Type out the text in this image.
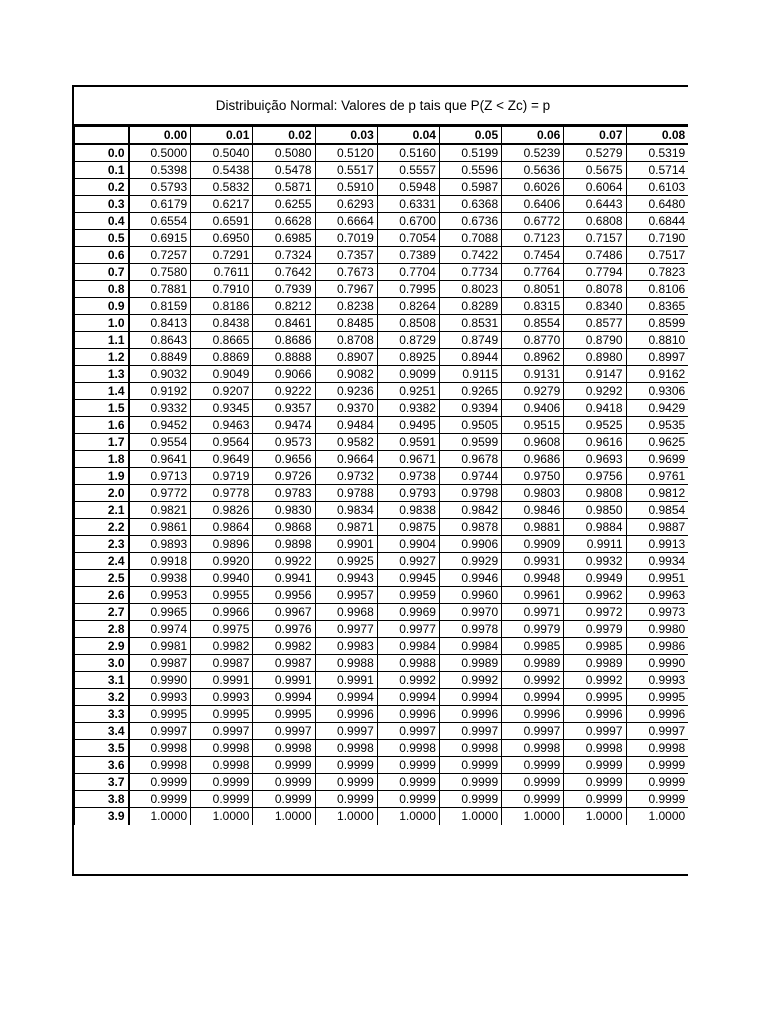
Distribuição Normal: Valores de p tais que P(Z < Zc) = p
	0.00	0.01	0.02	0.03	0.04	0.05	0.06	0.07	0.08
0.0	0.5000	0.5040	0.5080	0.5120	0.5160	0.5199	0.5239	0.5279	0.5319
0.1	0.5398	0.5438	0.5478	0.5517	0.5557	0.5596	0.5636	0.5675	0.5714
0.2	0.5793	0.5832	0.5871	0.5910	0.5948	0.5987	0.6026	0.6064	0.6103
0.3	0.6179	0.6217	0.6255	0.6293	0.6331	0.6368	0.6406	0.6443	0.6480
0.4	0.6554	0.6591	0.6628	0.6664	0.6700	0.6736	0.6772	0.6808	0.6844
0.5	0.6915	0.6950	0.6985	0.7019	0.7054	0.7088	0.7123	0.7157	0.7190
0.6	0.7257	0.7291	0.7324	0.7357	0.7389	0.7422	0.7454	0.7486	0.7517
0.7	0.7580	0.7611	0.7642	0.7673	0.7704	0.7734	0.7764	0.7794	0.7823
0.8	0.7881	0.7910	0.7939	0.7967	0.7995	0.8023	0.8051	0.8078	0.8106
0.9	0.8159	0.8186	0.8212	0.8238	0.8264	0.8289	0.8315	0.8340	0.8365
1.0	0.8413	0.8438	0.8461	0.8485	0.8508	0.8531	0.8554	0.8577	0.8599
1.1	0.8643	0.8665	0.8686	0.8708	0.8729	0.8749	0.8770	0.8790	0.8810
1.2	0.8849	0.8869	0.8888	0.8907	0.8925	0.8944	0.8962	0.8980	0.8997
1.3	0.9032	0.9049	0.9066	0.9082	0.9099	0.9115	0.9131	0.9147	0.9162
1.4	0.9192	0.9207	0.9222	0.9236	0.9251	0.9265	0.9279	0.9292	0.9306
1.5	0.9332	0.9345	0.9357	0.9370	0.9382	0.9394	0.9406	0.9418	0.9429
1.6	0.9452	0.9463	0.9474	0.9484	0.9495	0.9505	0.9515	0.9525	0.9535
1.7	0.9554	0.9564	0.9573	0.9582	0.9591	0.9599	0.9608	0.9616	0.9625
1.8	0.9641	0.9649	0.9656	0.9664	0.9671	0.9678	0.9686	0.9693	0.9699
1.9	0.9713	0.9719	0.9726	0.9732	0.9738	0.9744	0.9750	0.9756	0.9761
2.0	0.9772	0.9778	0.9783	0.9788	0.9793	0.9798	0.9803	0.9808	0.9812
2.1	0.9821	0.9826	0.9830	0.9834	0.9838	0.9842	0.9846	0.9850	0.9854
2.2	0.9861	0.9864	0.9868	0.9871	0.9875	0.9878	0.9881	0.9884	0.9887
2.3	0.9893	0.9896	0.9898	0.9901	0.9904	0.9906	0.9909	0.9911	0.9913
2.4	0.9918	0.9920	0.9922	0.9925	0.9927	0.9929	0.9931	0.9932	0.9934
2.5	0.9938	0.9940	0.9941	0.9943	0.9945	0.9946	0.9948	0.9949	0.9951
2.6	0.9953	0.9955	0.9956	0.9957	0.9959	0.9960	0.9961	0.9962	0.9963
2.7	0.9965	0.9966	0.9967	0.9968	0.9969	0.9970	0.9971	0.9972	0.9973
2.8	0.9974	0.9975	0.9976	0.9977	0.9977	0.9978	0.9979	0.9979	0.9980
2.9	0.9981	0.9982	0.9982	0.9983	0.9984	0.9984	0.9985	0.9985	0.9986
3.0	0.9987	0.9987	0.9987	0.9988	0.9988	0.9989	0.9989	0.9989	0.9990
3.1	0.9990	0.9991	0.9991	0.9991	0.9992	0.9992	0.9992	0.9992	0.9993
3.2	0.9993	0.9993	0.9994	0.9994	0.9994	0.9994	0.9994	0.9995	0.9995
3.3	0.9995	0.9995	0.9995	0.9996	0.9996	0.9996	0.9996	0.9996	0.9996
3.4	0.9997	0.9997	0.9997	0.9997	0.9997	0.9997	0.9997	0.9997	0.9997
3.5	0.9998	0.9998	0.9998	0.9998	0.9998	0.9998	0.9998	0.9998	0.9998
3.6	0.9998	0.9998	0.9999	0.9999	0.9999	0.9999	0.9999	0.9999	0.9999
3.7	0.9999	0.9999	0.9999	0.9999	0.9999	0.9999	0.9999	0.9999	0.9999
3.8	0.9999	0.9999	0.9999	0.9999	0.9999	0.9999	0.9999	0.9999	0.9999
3.9	1.0000	1.0000	1.0000	1.0000	1.0000	1.0000	1.0000	1.0000	1.0000
